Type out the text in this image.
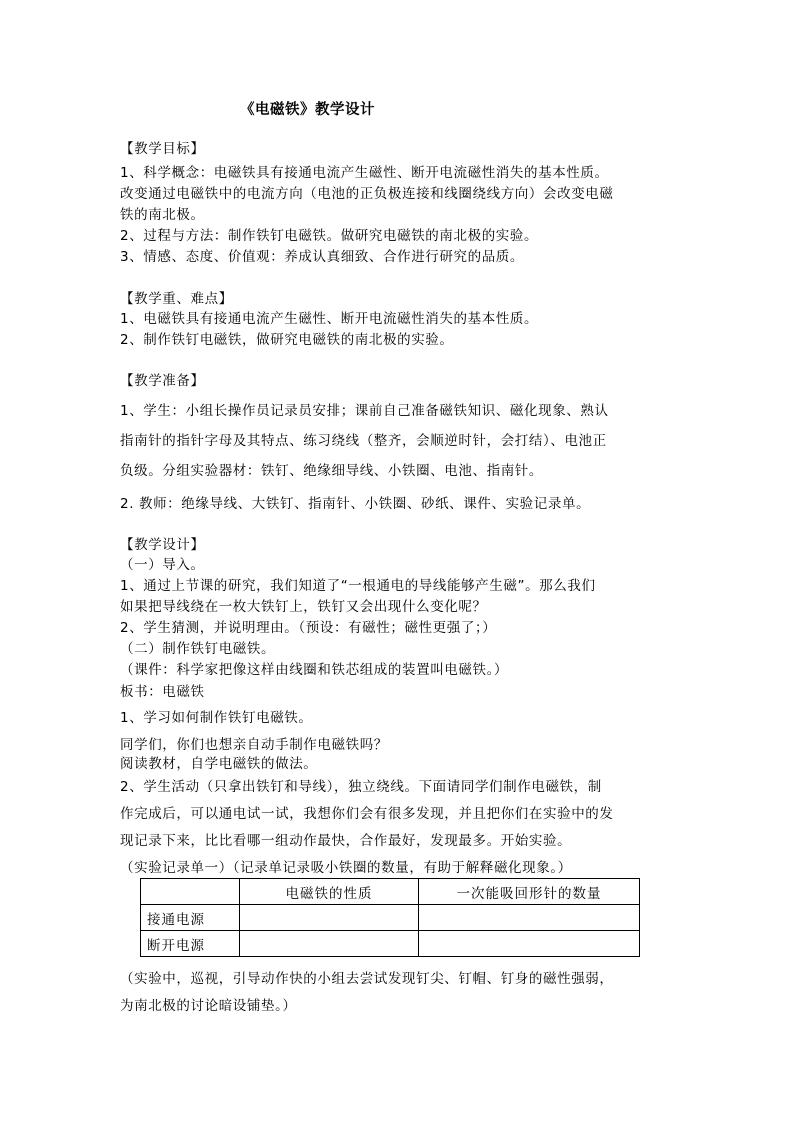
《电磁铁》教学设计
【教学目标】
1、科学概念：电磁铁具有接通电流产生磁性、断开电流磁性消失的基本性质。
改变通过电磁铁中的电流方向（电池的正负极连接和线圈绕线方向）会改变电磁
铁的南北极。
2、过程与方法：制作铁钉电磁铁。做研究电磁铁的南北极的实验。
3、情感、态度、价值观：养成认真细致、合作进行研究的品质。
【教学重、难点】
1、电磁铁具有接通电流产生磁性、断开电流磁性消失的基本性质。
2、制作铁钉电磁铁，做研究电磁铁的南北极的实验。
【教学准备】
1、学生：小组长操作员记录员安排；课前自己准备磁铁知识、磁化现象、熟认
指南针的指针字母及其特点、练习绕线（整齐，会顺逆时针，会打结）、电池正
负级。分组实验器材：铁钉、绝缘细导线、小铁圈、电池、指南针。
2. 教师：绝缘导线、大铁钉、指南针、小铁圈、砂纸、课件、实验记录单。
【教学设计】
（一）导入。
1、通过上节课的研究，我们知道了“一根通电的导线能够产生磁”。那么我们
如果把导线绕在一枚大铁钉上，铁钉又会出现什么变化呢？
2、学生猜测，并说明理由。（预设：有磁性；磁性更强了；）
（二）制作铁钉电磁铁。
（课件：科学家把像这样由线圈和铁芯组成的装置叫电磁铁。）
板书：电磁铁
1、学习如何制作铁钉电磁铁。
同学们，你们也想亲自动手制作电磁铁吗？
阅读教材，自学电磁铁的做法。
2、学生活动（只拿出铁钉和导线），独立绕线。下面请同学们制作电磁铁，制
作完成后，可以通电试一试，我想你们会有很多发现，并且把你们在实验中的发
现记录下来，比比看哪一组动作最快，合作最好，发现最多。开始实验。
（实验记录单一）（记录单记录吸小铁圈的数量，有助于解释磁化现象。）
	电磁铁的性质	一次能吸回形针的数量
接通电源		
断开电源		
（实验中，巡视，引导动作快的小组去尝试发现钉尖、钉帽、钉身的磁性强弱，
为南北极的讨论暗设铺垫。）
